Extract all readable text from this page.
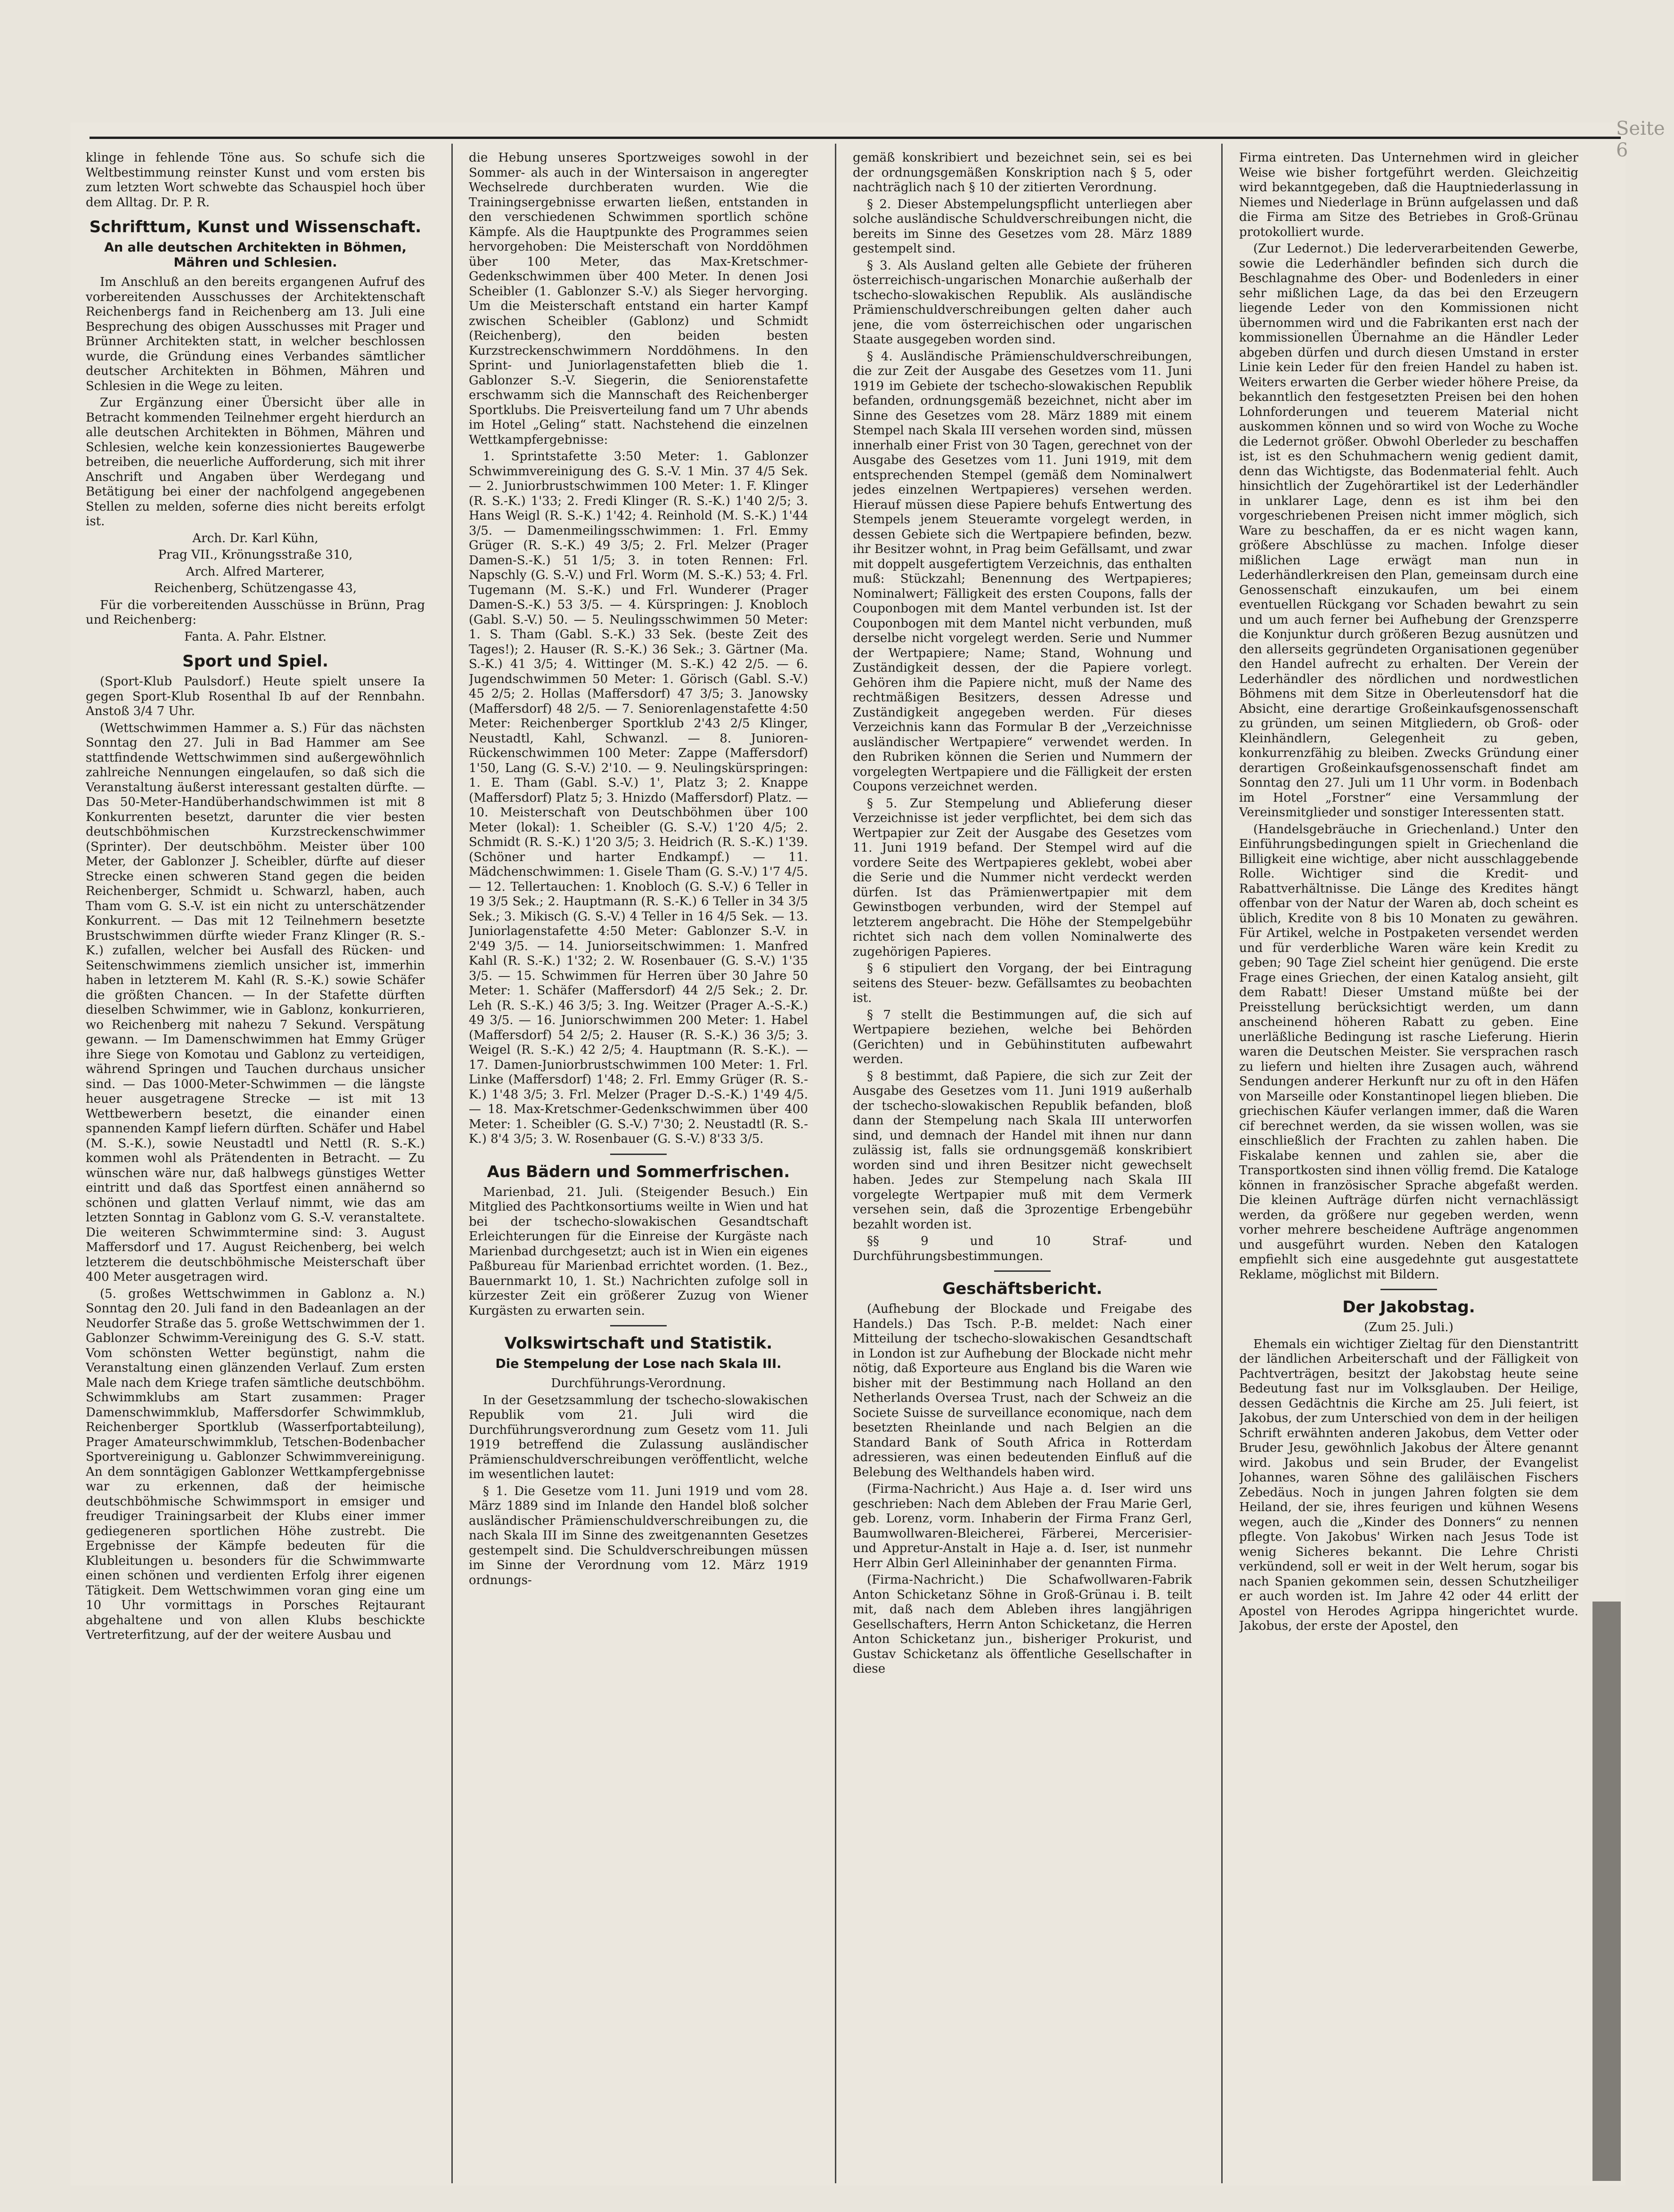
Seite 6

klinge in fehlende Töne aus. So schufe sich die Weltbestimmung reinster Kunst und vom ersten bis zum letzten Wort schwebte das Schauspiel hoch über dem Alltag. Dr. P. R.

Schrifttum, Kunst und Wissenschaft.
An alle deutschen Architekten in Böhmen, Mähren und Schlesien.

Im Anschluß an den bereits ergangenen Aufruf des vorbereitenden Ausschusses der Architektenschaft Reichenbergs fand in Reichenberg am 13. Juli eine Besprechung des obigen Ausschusses mit Prager und Brünner Architekten statt, in welcher beschlossen wurde, die Gründung eines Verbandes sämtlicher deutscher Architekten in Böhmen, Mähren und Schlesien in die Wege zu leiten.

Zur Ergänzung einer Übersicht über alle in Betracht kommenden Teilnehmer ergeht hierdurch an alle deutschen Architekten in Böhmen, Mähren und Schlesien, welche kein konzessioniertes Baugewerbe betreiben, die neuerliche Aufforderung, sich mit ihrer Anschrift und Angaben über Werdegang und Betätigung bei einer der nachfolgend angegebenen Stellen zu melden, soferne dies nicht bereits erfolgt ist.

Arch. Dr. Karl Kühn,

Prag VII., Krönungsstraße 310,

Arch. Alfred Marterer,

Reichenberg, Schützengasse 43,

Für die vorbereitenden Ausschüsse in Brünn, Prag und Reichenberg:

Fanta. A. Pahr. Elstner.

Sport und Spiel.

(Sport-Klub Paulsdorf.) Heute spielt unsere Ia gegen Sport-Klub Rosenthal Ib auf der Rennbahn. Anstoß 3/4 7 Uhr.

(Wettschwimmen Hammer a. S.) Für das nächsten Sonntag den 27. Juli in Bad Hammer am See stattfindende Wettschwimmen sind außergewöhnlich zahlreiche Nennungen eingelaufen, so daß sich die Veranstaltung äußerst interessant gestalten dürfte. — Das 50-Meter-Handüberhandschwimmen ist mit 8 Konkurrenten besetzt, darunter die vier besten deutschböhmischen Kurzstreckenschwimmer (Sprinter). Der deutschböhm. Meister über 100 Meter, der Gablonzer J. Scheibler, dürfte auf dieser Strecke einen schweren Stand gegen die beiden Reichenberger, Schmidt u. Schwarzl, haben, auch Tham vom G. S.-V. ist ein nicht zu unterschätzender Konkurrent. — Das mit 12 Teilnehmern besetzte Brustschwimmen dürfte wieder Franz Klinger (R. S.-K.) zufallen, welcher bei Ausfall des Rücken- und Seitenschwimmens ziemlich unsicher ist, immerhin haben in letzterem M. Kahl (R. S.-K.) sowie Schäfer die größten Chancen. — In der Stafette dürften dieselben Schwimmer, wie in Gablonz, konkurrieren, wo Reichenberg mit nahezu 7 Sekund. Verspätung gewann. — Im Damenschwimmen hat Emmy Grüger ihre Siege von Komotau und Gablonz zu verteidigen, während Springen und Tauchen durchaus unsicher sind. — Das 1000-Meter-Schwimmen — die längste heuer ausgetragene Strecke — ist mit 13 Wettbewerbern besetzt, die einander einen spannenden Kampf liefern dürften. Schäfer und Habel (M. S.-K.), sowie Neustadtl und Nettl (R. S.-K.) kommen wohl als Prätendenten in Betracht. — Zu wünschen wäre nur, daß halbwegs günstiges Wetter eintritt und daß das Sportfest einen annähernd so schönen und glatten Verlauf nimmt, wie das am letzten Sonntag in Gablonz vom G. S.-V. veranstaltete. Die weiteren Schwimmtermine sind: 3. August Maffersdorf und 17. August Reichenberg, bei welch letzterem die deutschböhmische Meisterschaft über 400 Meter ausgetragen wird.

(5. großes Wettschwimmen in Gablonz a. N.) Sonntag den 20. Juli fand in den Badeanlagen an der Neudorfer Straße das 5. große Wettschwimmen der 1. Gablonzer Schwimm-Vereinigung des G. S.-V. statt. Vom schönsten Wetter begünstigt, nahm die Veranstaltung einen glänzenden Verlauf. Zum ersten Male nach dem Kriege trafen sämtliche deutschböhm. Schwimmklubs am Start zusammen: Prager Damenschwimmklub, Maffersdorfer Schwimmklub, Reichenberger Sportklub (Wasserfportabteilung), Prager Amateurschwimmklub, Tetschen-Bodenbacher Sportvereinigung u. Gablonzer Schwimmvereinigung. An dem sonntägigen Gablonzer Wettkampfergebnisse war zu erkennen, daß der heimische deutschböhmische Schwimmsport in emsiger und freudiger Trainingsarbeit der Klubs einer immer gediegeneren sportlichen Höhe zustrebt. Die Ergebnisse der Kämpfe bedeuten für die Klubleitungen u. besonders für die Schwimmwarte einen schönen und verdienten Erfolg ihrer eigenen Tätigkeit. Dem Wettschwimmen voran ging eine um 10 Uhr vormittags in Porsches Rejtaurant abgehaltene und von allen Klubs beschickte Vertreterfitzung, auf der der weitere Ausbau und

die Hebung unseres Sportzweiges sowohl in der Sommer- als auch in der Wintersaison in angeregter Wechselrede durchberaten wurden. Wie die Trainingsergebnisse erwarten ließen, entstanden in den verschiedenen Schwimmen sportlich schöne Kämpfe. Als die Hauptpunkte des Programmes seien hervorgehoben: Die Meisterschaft von Norddöhmen über 100 Meter, das Max-Kretschmer-Gedenkschwimmen über 400 Meter. In denen Josi Scheibler (1. Gablonzer S.-V.) als Sieger hervorging. Um die Meisterschaft entstand ein harter Kampf zwischen Scheibler (Gablonz) und Schmidt (Reichenberg), den beiden besten Kurzstreckenschwimmern Norddöhmens. In den Sprint- und Juniorlagenstafetten blieb die 1. Gablonzer S.-V. Siegerin, die Seniorenstafette erschwamm sich die Mannschaft des Reichenberger Sportklubs. Die Preisverteilung fand um 7 Uhr abends im Hotel „Geling“ statt. Nachstehend die einzelnen Wettkampfergebnisse:

1. Sprintstafette 3:50 Meter: 1. Gablonzer Schwimmvereinigung des G. S.-V. 1 Min. 37 4/5 Sek. — 2. Juniorbrustschwimmen 100 Meter: 1. F. Klinger (R. S.-K.) 1'33; 2. Fredi Klinger (R. S.-K.) 1'40 2/5; 3. Hans Weigl (R. S.-K.) 1'42; 4. Reinhold (M. S.-K.) 1'44 3/5. — Damenmeilingsschwimmen: 1. Frl. Emmy Grüger (R. S.-K.) 49 3/5; 2. Frl. Melzer (Prager Damen-S.-K.) 51 1/5; 3. in toten Rennen: Frl. Napschly (G. S.-V.) und Frl. Worm (M. S.-K.) 53; 4. Frl. Tugemann (M. S.-K.) und Frl. Wunderer (Prager Damen-S.-K.) 53 3/5. — 4. Kürspringen: J. Knobloch (Gabl. S.-V.) 50. — 5. Neulingsschwimmen 50 Meter: 1. S. Tham (Gabl. S.-K.) 33 Sek. (beste Zeit des Tages!); 2. Hauser (R. S.-K.) 36 Sek.; 3. Gärtner (Ma. S.-K.) 41 3/5; 4. Wittinger (M. S.-K.) 42 2/5. — 6. Jugendschwimmen 50 Meter: 1. Görisch (Gabl. S.-V.) 45 2/5; 2. Hollas (Maffersdorf) 47 3/5; 3. Janowsky (Maffersdorf) 48 2/5. — 7. Seniorenlagenstafette 4:50 Meter: Reichenberger Sportklub 2'43 2/5 Klinger, Neustadtl, Kahl, Schwanzl. — 8. Junioren-Rückenschwimmen 100 Meter: Zappe (Maffersdorf) 1'50, Lang (G. S.-V.) 2'10. — 9. Neulingskürspringen: 1. E. Tham (Gabl. S.-V.) 1', Platz 3; 2. Knappe (Maffersdorf) Platz 5; 3. Hnizdo (Maffersdorf) Platz. — 10. Meisterschaft von Deutschböhmen über 100 Meter (lokal): 1. Scheibler (G. S.-V.) 1'20 4/5; 2. Schmidt (R. S.-K.) 1'20 3/5; 3. Heidrich (R. S.-K.) 1'39. (Schöner und harter Endkampf.) — 11. Mädchenschwimmen: 1. Gisele Tham (G. S.-V.) 1'7 4/5. — 12. Tellertauchen: 1. Knobloch (G. S.-V.) 6 Teller in 19 3/5 Sek.; 2. Hauptmann (R. S.-K.) 6 Teller in 34 3/5 Sek.; 3. Mikisch (G. S.-V.) 4 Teller in 16 4/5 Sek. — 13. Juniorlagenstafette 4:50 Meter: Gablonzer S.-V. in 2'49 3/5. — 14. Juniorseitschwimmen: 1. Manfred Kahl (R. S.-K.) 1'32; 2. W. Rosenbauer (G. S.-V.) 1'35 3/5. — 15. Schwimmen für Herren über 30 Jahre 50 Meter: 1. Schäfer (Maffersdorf) 44 2/5 Sek.; 2. Dr. Leh (R. S.-K.) 46 3/5; 3. Ing. Weitzer (Prager A.-S.-K.) 49 3/5. — 16. Juniorschwimmen 200 Meter: 1. Habel (Maffersdorf) 54 2/5; 2. Hauser (R. S.-K.) 36 3/5; 3. Weigel (R. S.-K.) 42 2/5; 4. Hauptmann (R. S.-K.). — 17. Damen-Juniorbrustschwimmen 100 Meter: 1. Frl. Linke (Maffersdorf) 1'48; 2. Frl. Emmy Grüger (R. S.-K.) 1'48 3/5; 3. Frl. Melzer (Prager D.-S.-K.) 1'49 4/5. — 18. Max-Kretschmer-Gedenkschwimmen über 400 Meter: 1. Scheibler (G. S.-V.) 7'30; 2. Neustadtl (R. S.-K.) 8'4 3/5; 3. W. Rosenbauer (G. S.-V.) 8'33 3/5.

Aus Bädern und Sommerfrischen.

Marienbad, 21. Juli. (Steigender Besuch.) Ein Mitglied des Pachtkonsortiums weilte in Wien und hat bei der tschecho-slowakischen Gesandtschaft Erleichterungen für die Einreise der Kurgäste nach Marienbad durchgesetzt; auch ist in Wien ein eigenes Paßbureau für Marienbad errichtet worden. (1. Bez., Bauernmarkt 10, 1. St.) Nachrichten zufolge soll in kürzester Zeit ein größerer Zuzug von Wiener Kurgästen zu erwarten sein.

Volkswirtschaft und Statistik.
Die Stempelung der Lose nach Skala III.

Durchführungs-Verordnung.

In der Gesetzsammlung der tschecho-slowakischen Republik vom 21. Juli wird die Durchführungsverordnung zum Gesetz vom 11. Juli 1919 betreffend die Zulassung ausländischer Prämienschuldverschreibungen veröffentlicht, welche im wesentlichen lautet:

§ 1. Die Gesetze vom 11. Juni 1919 und vom 28. März 1889 sind im Inlande den Handel bloß solcher ausländischer Prämienschuldverschreibungen zu, die nach Skala III im Sinne des zweitgenannten Gesetzes gestempelt sind. Die Schuldverschreibungen müssen im Sinne der Verordnung vom 12. März 1919 ordnungs-

gemäß konskribiert und bezeichnet sein, sei es bei der ordnungsgemäßen Konskription nach § 5, oder nachträglich nach § 10 der zitierten Verordnung.

§ 2. Dieser Abstempelungspflicht unterliegen aber solche ausländische Schuldverschreibungen nicht, die bereits im Sinne des Gesetzes vom 28. März 1889 gestempelt sind.

§ 3. Als Ausland gelten alle Gebiete der früheren österreichisch-ungarischen Monarchie außerhalb der tschecho-slowakischen Republik. Als ausländische Prämienschuldverschreibungen gelten daher auch jene, die vom österreichischen oder ungarischen Staate ausgegeben worden sind.

§ 4. Ausländische Prämienschuldverschreibungen, die zur Zeit der Ausgabe des Gesetzes vom 11. Juni 1919 im Gebiete der tschecho-slowakischen Republik befanden, ordnungsgemäß bezeichnet, nicht aber im Sinne des Gesetzes vom 28. März 1889 mit einem Stempel nach Skala III versehen worden sind, müssen innerhalb einer Frist von 30 Tagen, gerechnet von der Ausgabe des Gesetzes vom 11. Juni 1919, mit dem entsprechenden Stempel (gemäß dem Nominalwert jedes einzelnen Wertpapieres) versehen werden. Hierauf müssen diese Papiere behufs Entwertung des Stempels jenem Steueramte vorgelegt werden, in dessen Gebiete sich die Wertpapiere befinden, bezw. ihr Besitzer wohnt, in Prag beim Gefällsamt, und zwar mit doppelt ausgefertigtem Verzeichnis, das enthalten muß: Stückzahl; Benennung des Wertpapieres; Nominalwert; Fälligkeit des ersten Coupons, falls der Couponbogen mit dem Mantel verbunden ist. Ist der Couponbogen mit dem Mantel nicht verbunden, muß derselbe nicht vorgelegt werden. Serie und Nummer der Wertpapiere; Name; Stand, Wohnung und Zuständigkeit dessen, der die Papiere vorlegt. Gehören ihm die Papiere nicht, muß der Name des rechtmäßigen Besitzers, dessen Adresse und Zuständigkeit angegeben werden. Für dieses Verzeichnis kann das Formular B der „Verzeichnisse ausländischer Wertpapiere“ verwendet werden. In den Rubriken können die Serien und Nummern der vorgelegten Wertpapiere und die Fälligkeit der ersten Coupons verzeichnet werden.

§ 5. Zur Stempelung und Ablieferung dieser Verzeichnisse ist jeder verpflichtet, bei dem sich das Wertpapier zur Zeit der Ausgabe des Gesetzes vom 11. Juni 1919 befand. Der Stempel wird auf die vordere Seite des Wertpapieres geklebt, wobei aber die Serie und die Nummer nicht verdeckt werden dürfen. Ist das Prämienwertpapier mit dem Gewinstbogen verbunden, wird der Stempel auf letzterem angebracht. Die Höhe der Stempelgebühr richtet sich nach dem vollen Nominalwerte des zugehörigen Papieres.

§ 6 stipuliert den Vorgang, der bei Eintragung seitens des Steuer- bezw. Gefällsamtes zu beobachten ist.

§ 7 stellt die Bestimmungen auf, die sich auf Wertpapiere beziehen, welche bei Behörden (Gerichten) und in Gebühinstituten aufbewahrt werden.

§ 8 bestimmt, daß Papiere, die sich zur Zeit der Ausgabe des Gesetzes vom 11. Juni 1919 außerhalb der tschecho-slowakischen Republik befanden, bloß dann der Stempelung nach Skala III unterworfen sind, und demnach der Handel mit ihnen nur dann zulässig ist, falls sie ordnungsgemäß konskribiert worden sind und ihren Besitzer nicht gewechselt haben. Jedes zur Stempelung nach Skala III vorgelegte Wertpapier muß mit dem Vermerk versehen sein, daß die 3prozentige Erbengebühr bezahlt worden ist.

§§ 9 und 10 Straf- und Durchführungsbestimmungen.

Geschäftsbericht.

(Aufhebung der Blockade und Freigabe des Handels.) Das Tsch. P.-B. meldet: Nach einer Mitteilung der tschecho-slowakischen Gesandtschaft in London ist zur Aufhebung der Blockade nicht mehr nötig, daß Exporteure aus England bis die Waren wie bisher mit der Bestimmung nach Holland an den Netherlands Oversea Trust, nach der Schweiz an die Societe Suisse de surveillance economique, nach dem besetzten Rheinlande und nach Belgien an die Standard Bank of South Africa in Rotterdam adressieren, was einen bedeutenden Einfluß auf die Belebung des Welthandels haben wird.

(Firma-Nachricht.) Aus Haje a. d. Iser wird uns geschrieben: Nach dem Ableben der Frau Marie Gerl, geb. Lorenz, vorm. Inhaberin der Firma Franz Gerl, Baumwollwaren-Bleicherei, Färberei, Mercerisier- und Appretur-Anstalt in Haje a. d. Iser, ist nunmehr Herr Albin Gerl Alleininhaber der genannten Firma.

(Firma-Nachricht.) Die Schafwollwaren-Fabrik Anton Schicketanz Söhne in Groß-Grünau i. B. teilt mit, daß nach dem Ableben ihres langjährigen Gesellschafters, Herrn Anton Schicketanz, die Herren Anton Schicketanz jun., bisheriger Prokurist, und Gustav Schicketanz als öffentliche Gesellschafter in diese

Firma eintreten. Das Unternehmen wird in gleicher Weise wie bisher fortgeführt werden. Gleichzeitig wird bekanntgegeben, daß die Hauptniederlassung in Niemes und Niederlage in Brünn aufgelassen und daß die Firma am Sitze des Betriebes in Groß-Grünau protokolliert wurde.

(Zur Ledernot.) Die lederverarbeitenden Gewerbe, sowie die Lederhändler befinden sich durch die Beschlagnahme des Ober- und Bodenleders in einer sehr mißlichen Lage, da das bei den Erzeugern liegende Leder von den Kommissionen nicht übernommen wird und die Fabrikanten erst nach der kommissionellen Übernahme an die Händler Leder abgeben dürfen und durch diesen Umstand in erster Linie kein Leder für den freien Handel zu haben ist. Weiters erwarten die Gerber wieder höhere Preise, da bekanntlich den festgesetzten Preisen bei den hohen Lohnforderungen und teuerem Material nicht auskommen können und so wird von Woche zu Woche die Ledernot größer. Obwohl Oberleder zu beschaffen ist, ist es den Schuhmachern wenig gedient damit, denn das Wichtigste, das Bodenmaterial fehlt. Auch hinsichtlich der Zugehörartikel ist der Lederhändler in unklarer Lage, denn es ist ihm bei den vorgeschriebenen Preisen nicht immer möglich, sich Ware zu beschaffen, da er es nicht wagen kann, größere Abschlüsse zu machen. Infolge dieser mißlichen Lage erwägt man nun in Lederhändlerkreisen den Plan, gemeinsam durch eine Genossenschaft einzukaufen, um bei einem eventuellen Rückgang vor Schaden bewahrt zu sein und um auch ferner bei Aufhebung der Grenzsperre die Konjunktur durch größeren Bezug ausnützen und den allerseits gegründeten Organisationen gegenüber den Handel aufrecht zu erhalten. Der Verein der Lederhändler des nördlichen und nordwestlichen Böhmens mit dem Sitze in Oberleutensdorf hat die Absicht, eine derartige Großeinkaufsgenossenschaft zu gründen, um seinen Mitgliedern, ob Groß- oder Kleinhändlern, Gelegenheit zu geben, konkurrenzfähig zu bleiben. Zwecks Gründung einer derartigen Großeinkaufsgenossenschaft findet am Sonntag den 27. Juli um 11 Uhr vorm. in Bodenbach im Hotel „Forstner“ eine Versammlung der Vereinsmitglieder und sonstiger Interessenten statt.

(Handelsgebräuche in Griechenland.) Unter den Einführungsbedingungen spielt in Griechenland die Billigkeit eine wichtige, aber nicht ausschlaggebende Rolle. Wichtiger sind die Kredit- und Rabattverhältnisse. Die Länge des Kredites hängt offenbar von der Natur der Waren ab, doch scheint es üblich, Kredite von 8 bis 10 Monaten zu gewähren. Für Artikel, welche in Postpaketen versendet werden und für verderbliche Waren wäre kein Kredit zu geben; 90 Tage Ziel scheint hier genügend. Die erste Frage eines Griechen, der einen Katalog ansieht, gilt dem Rabatt! Dieser Umstand müßte bei der Preisstellung berücksichtigt werden, um dann anscheinend höheren Rabatt zu geben. Eine unerläßliche Bedingung ist rasche Lieferung. Hierin waren die Deutschen Meister. Sie versprachen rasch zu liefern und hielten ihre Zusagen auch, während Sendungen anderer Herkunft nur zu oft in den Häfen von Marseille oder Konstantinopel liegen blieben. Die griechischen Käufer verlangen immer, daß die Waren cif berechnet werden, da sie wissen wollen, was sie einschließlich der Frachten zu zahlen haben. Die Fiskalabe kennen und zahlen sie, aber die Transportkosten sind ihnen völlig fremd. Die Kataloge können in französischer Sprache abgefaßt werden. Die kleinen Aufträge dürfen nicht vernachlässigt werden, da größere nur gegeben werden, wenn vorher mehrere bescheidene Aufträge angenommen und ausgeführt wurden. Neben den Katalogen empfiehlt sich eine ausgedehnte gut ausgestattete Reklame, möglichst mit Bildern.

Der Jakobstag.

(Zum 25. Juli.)

Ehemals ein wichtiger Zieltag für den Dienstantritt der ländlichen Arbeiterschaft und der Fälligkeit von Pachtverträgen, besitzt der Jakobstag heute seine Bedeutung fast nur im Volksglauben. Der Heilige, dessen Gedächtnis die Kirche am 25. Juli feiert, ist Jakobus, der zum Unterschied von dem in der heiligen Schrift erwähnten anderen Jakobus, dem Vetter oder Bruder Jesu, gewöhnlich Jakobus der Ältere genannt wird. Jakobus und sein Bruder, der Evangelist Johannes, waren Söhne des galiläischen Fischers Zebedäus. Noch in jungen Jahren folgten sie dem Heiland, der sie, ihres feurigen und kühnen Wesens wegen, auch die „Kinder des Donners“ zu nennen pflegte. Von Jakobus' Wirken nach Jesus Tode ist wenig Sicheres bekannt. Die Lehre Christi verkündend, soll er weit in der Welt herum, sogar bis nach Spanien gekommen sein, dessen Schutzheiliger er auch worden ist. Im Jahre 42 oder 44 erlitt der Apostel von Herodes Agrippa hingerichtet wurde. Jakobus, der erste der Apostel, den
